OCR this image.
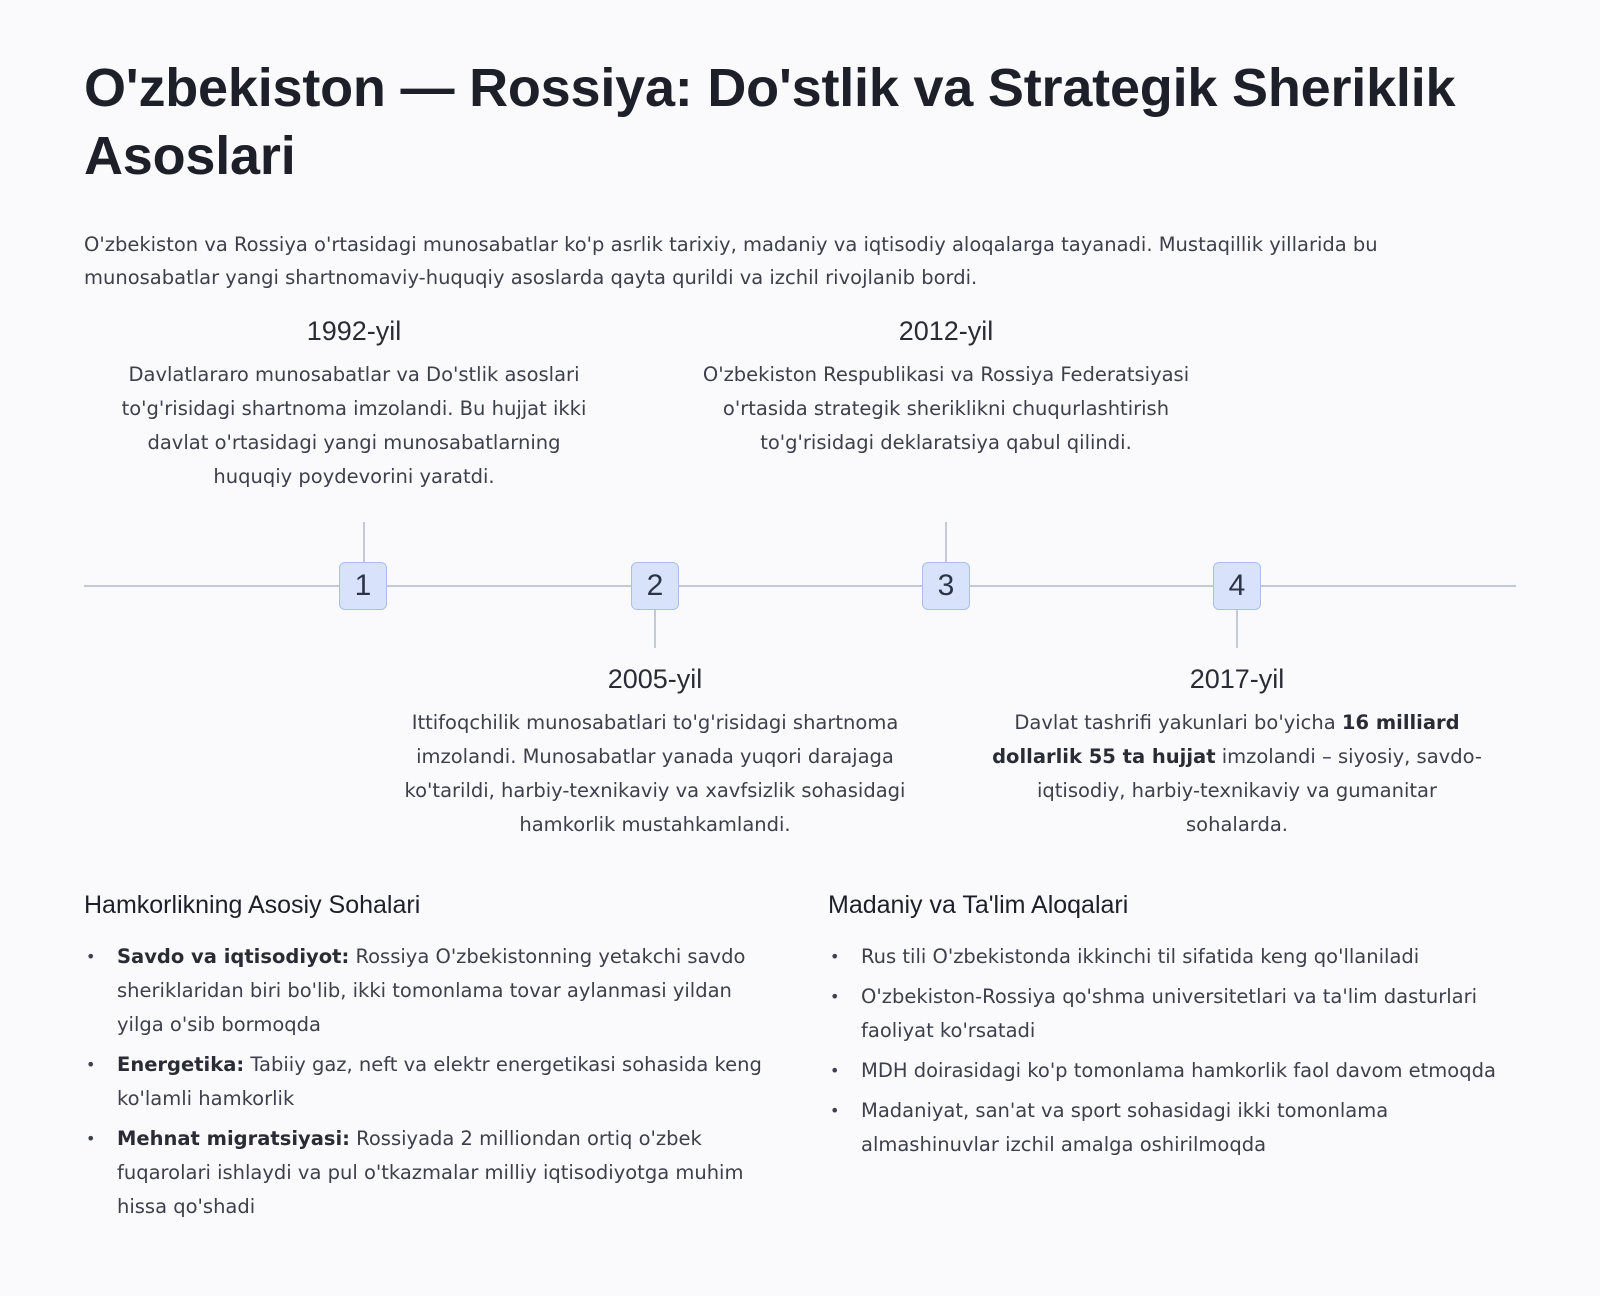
O'zbekiston — Rossiya: Do'stlik va Strategik Sheriklik Asoslari

O'zbekiston va Rossiya o'rtasidagi munosabatlar ko'p asrlik tarixiy, madaniy va iqtisodiy aloqalarga tayanadi. Mustaqillik yillarida bu munosabatlar yangi shartnomaviy-huquqiy asoslarda qayta qurildi va izchil rivojlanib bordi.

1992-yil
Davlatlararo munosabatlar va Do'stlik asoslari to'g'risidagi shartnoma imzolandi. Bu hujjat ikki davlat o'rtasidagi yangi munosabatlarning huquqiy poydevorini yaratdi.
1	2
2005-yil
Ittifoqchilik munosabatlari to'g'risidagi shartnoma imzolandi. Munosabatlar yanada yuqori darajaga ko'tarildi, harbiy-texnikaviy va xavfsizlik sohasidagi hamkorlik mustahkamlandi.
2012-yil
O'zbekiston Respublikasi va Rossiya Federatsiyasi o'rtasida strategik sheriklikni chuqurlashtirish to'g'risidagi deklaratsiya qabul qilindi.
3	4
2017-yil
Davlat tashrifi yakunlari bo'yicha 16 milliard dollarlik 55 ta hujjat imzolandi – siyosiy, savdo-iqtisodiy, harbiy-texnikaviy va gumanitar sohalarda.
Hamkorlikning Asosiy Sohalari
• Savdo va iqtisodiyot: Rossiya O'zbekistonning yetakchi savdo sheriklaridan biri bo'lib, ikki tomonlama tovar aylanmasi yildan yilga o'sib bormoqda
• Energetika: Tabiiy gaz, neft va elektr energetikasi sohasida keng ko'lamli hamkorlik
• Mehnat migratsiyasi: Rossiyada 2 milliondan ortiq o'zbek fuqarolari ishlaydi va pul o'tkazmalar milliy iqtisodiyotga muhim hissa qo'shadi
Madaniy va Ta'lim Aloqalari
• Rus tili O'zbekistonda ikkinchi til sifatida keng qo'llaniladi
• O'zbekiston-Rossiya qo'shma universitetlari va ta'lim dasturlari faoliyat ko'rsatadi
• MDH doirasidagi ko'p tomonlama hamkorlik faol davom etmoqda
• Madaniyat, san'at va sport sohasidagi ikki tomonlama almashinuvlar izchil amalga oshirilmoqda
